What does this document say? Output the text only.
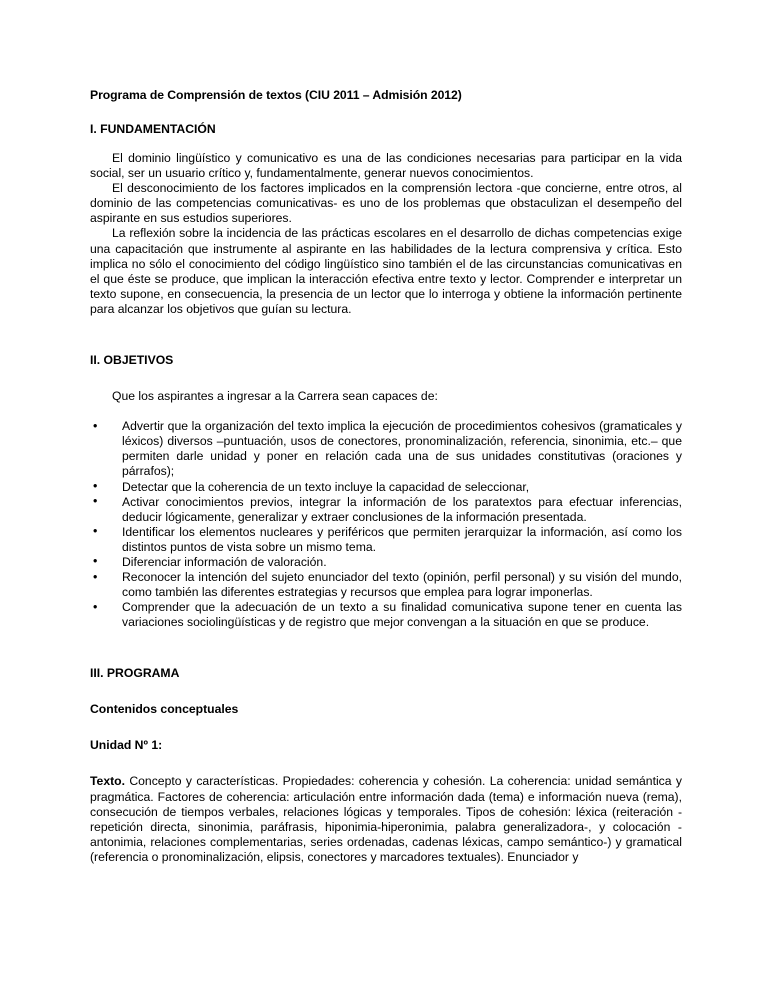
Programa de Comprensión de textos (CIU 2011 – Admisión 2012)
I. FUNDAMENTACIÓN

El dominio lingüístico y comunicativo es una de las condiciones necesarias para participar en la vida social, ser un usuario crítico y, fundamentalmente, generar nuevos conocimientos.

El desconocimiento de los factores implicados en la comprensión lectora -que concierne, entre otros, al dominio de las competencias comunicativas- es uno de los problemas que obstaculizan el desempeño del aspirante en sus estudios superiores.

La reflexión sobre la incidencia de las prácticas escolares en el desarrollo de dichas competencias exige una capacitación que instrumente al aspirante en las habilidades de la lectura comprensiva y crítica. Esto implica no sólo el conocimiento del código lingüístico sino también el de las circunstancias comunicativas en el que éste se produce, que implican la interacción efectiva entre texto y lector. Comprender e interpretar un texto supone, en consecuencia, la presencia de un lector que lo interroga y obtiene la información pertinente para alcanzar los objetivos que guían su lectura.

II. OBJETIVOS

Que los aspirantes a ingresar a la Carrera sean capaces de:

• Advertir que la organización del texto implica la ejecución de procedimientos cohesivos (gramaticales y léxicos) diversos –puntuación, usos de conectores, pronominalización, referencia, sinonimia, etc.– que permiten darle unidad y poner en relación cada una de sus unidades constitutivas (oraciones y párrafos);
• Detectar que la coherencia de un texto incluye la capacidad de seleccionar,
• Activar conocimientos previos, integrar la información de los paratextos para efectuar inferencias, deducir lógicamente, generalizar y extraer conclusiones de la información presentada.
• Identificar los elementos nucleares y periféricos que permiten jerarquizar la información, así como los distintos puntos de vista sobre un mismo tema.
• Diferenciar información de valoración.
• Reconocer la intención del sujeto enunciador del texto (opinión, perfil personal) y su visión del mundo, como también las diferentes estrategias y recursos que emplea para lograr imponerlas.
• Comprender que la adecuación de un texto a su finalidad comunicativa supone tener en cuenta las variaciones sociolingüísticas y de registro que mejor convengan a la situación en que se produce.
III. PROGRAMA
Contenidos conceptuales
Unidad Nº 1:

Texto. Concepto y características. Propiedades: coherencia y cohesión. La coherencia: unidad semántica y pragmática. Factores de coherencia: articulación entre información dada (tema) e información nueva (rema), consecución de tiempos verbales, relaciones lógicas y temporales. Tipos de cohesión: léxica (reiteración -repetición directa, sinonimia, paráfrasis, hiponimia-hiperonimia, palabra generalizadora-, y colocación -antonimia, relaciones complementarias, series ordenadas, cadenas léxicas, campo semántico-) y gramatical (referencia o pronominalización, elipsis, conectores y marcadores textuales). Enunciador y
